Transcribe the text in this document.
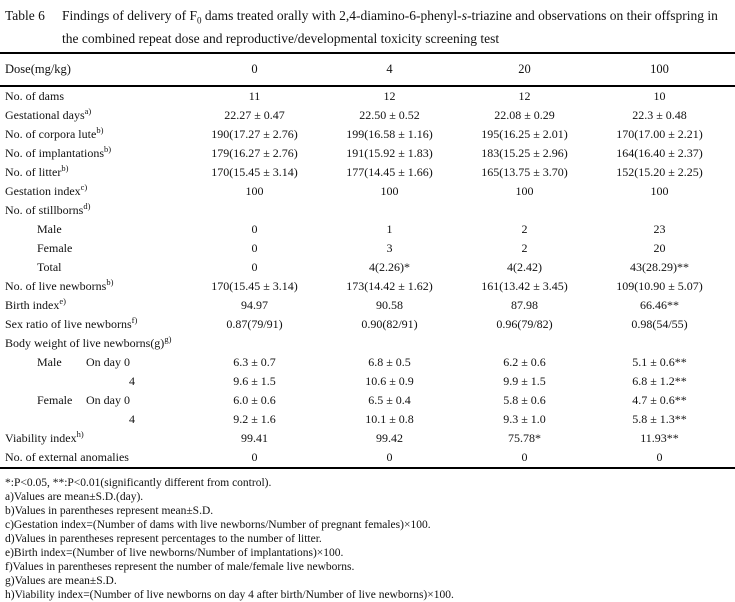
Table 6	Findings of delivery of $F_0$ dams treated orally with 2,4-diamino-6-phenyl-s-triazine and observations on their offspring in the combined repeat dose and reproductive/developmental toxicity screening test
Dose(mg/kg)	0	4	20	100
No. of dams	11	12	12	10
Gestational days$^{a)}$	22.27 ± 0.47	22.50 ± 0.52	22.08 ± 0.29	22.3 ± 0.48
No. of corpora lute$^{b)}$	190(17.27 ± 2.76)	199(16.58 ± 1.16)	195(16.25 ± 2.01)	170(17.00 ± 2.21)
No. of implantations$^{b)}$	179(16.27 ± 2.76)	191(15.92 ± 1.83)	183(15.25 ± 2.96)	164(16.40 ± 2.37)
No. of litter$^{b)}$	170(15.45 ± 3.14)	177(14.45 ± 1.66)	165(13.75 ± 3.70)	152(15.20 ± 2.25)
Gestation index$^{c)}$	100	100	100	100
No. of stillborns$^{d)}$
Male	0	1	2	23
Female	0	3	2	20
Total	0	4(2.26)*	4(2.42)	43(28.29)**
No. of live newborns$^{b)}$	170(15.45 ± 3.14)	173(14.42 ± 1.62)	161(13.42 ± 3.45)	109(10.90 ± 5.07)
Birth index$^{e)}$	94.97	90.58	87.98	66.46**
Sex ratio of live newborns$^{f)}$	0.87(79/91)	0.90(82/91)	0.96(79/82)	0.98(54/55)
Body weight of live $newborns(g)^{g)}$
Male On day 0	6.3 ± 0.7	6.8 ± 0.5	6.2 ± 0.6	5.1 ± 0.6**
4	9.6 ± 1.5	10.6 ± 0.9	9.9 ± 1.5	6.8 ± 1.2**
Female On day 0	6.0 ± 0.6	6.5 ± 0.4	5.8 ± 0.6	4.7 ± 0.6**
4	9.2 ± 1.6	10.1 ± 0.8	9.3 ± 1.0	5.8 ± 1.3**
Viability index$^{h)}$	99.41	99.42	75.78*	11.93**
No. of external anomalies	0	0	0	0
*:P<0.05, **:P<0.01(significantly different from control).
a)Values are mean±S.D.(day).
b)Values in parentheses represent mean±S.D.
c)Gestation index=(Number of dams with live newborns/Number of pregnant females)×100.
d)Values in parentheses represent percentages to the number of litter.
e)Birth index=(Number of live newborns/Number of implantations)×100.
f)Values in parentheses represent the number of male/female live newborns.
g)Values are mean±S.D.
h)Viability index=(Number of live newborns on day 4 after birth/Number of live newborns)×100.
